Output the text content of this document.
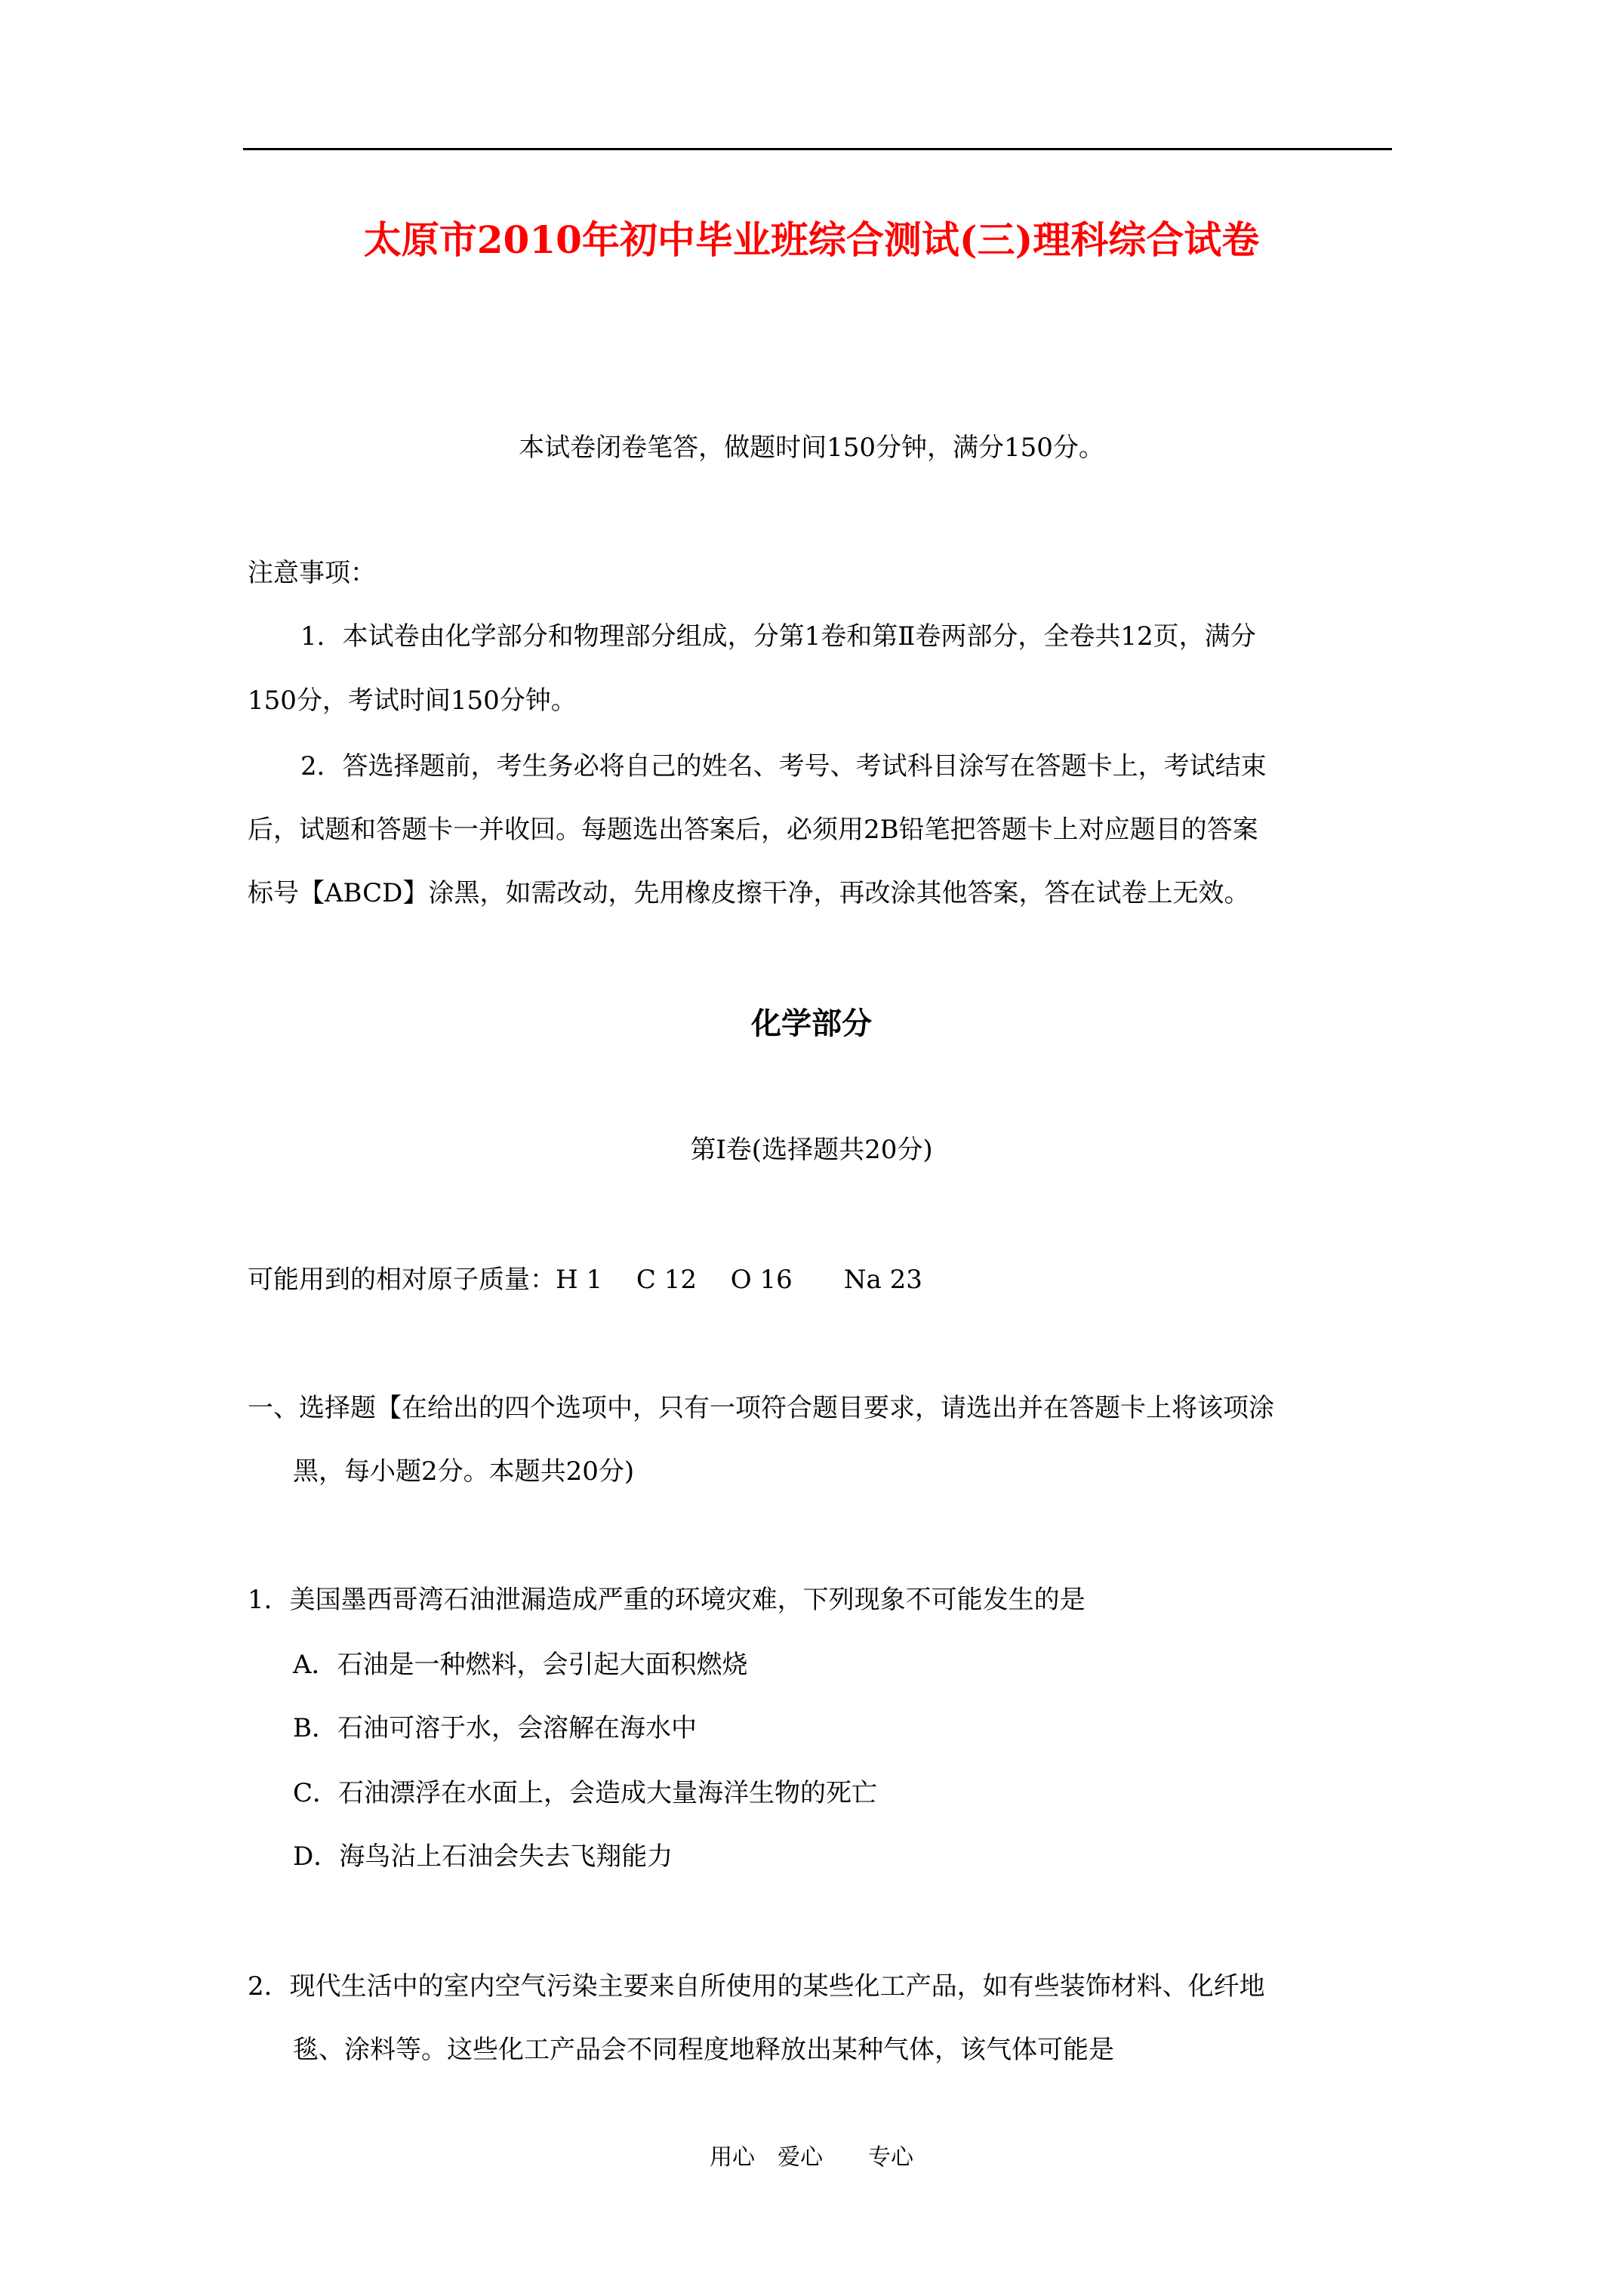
太原市2010年初中毕业班综合测试(三)理科综合试卷
本试卷闭卷笔答，做题时间150分钟，满分150分。
注意事项：
1．本试卷由化学部分和物理部分组成，分第1卷和第Ⅱ卷两部分，全卷共12页，满分
150分，考试时间150分钟。
2．答选择题前，考生务必将自己的姓名、考号、考试科目涂写在答题卡上，考试结束
后，试题和答题卡一并收回。每题选出答案后，必须用2B铅笔把答题卡上对应题目的答案
标号【ABCD】涂黑，如需改动，先用橡皮擦干净，再改涂其他答案，答在试卷上无效。
化学部分
第Ⅰ卷(选择题共20分)
可能用到的相对原子质量：H 1　 C 12　 O 16　　Na 23
一、选择题【在给出的四个选项中，只有一项符合题目要求，请选出并在答题卡上将该项涂
黑，每小题2分。本题共20分)
1．美国墨西哥湾石油泄漏造成严重的环境灾难，下列现象不可能发生的是
A．石油是一种燃料，会引起大面积燃烧
B．石油可溶于水，会溶解在海水中
C．石油漂浮在水面上，会造成大量海洋生物的死亡
D．海鸟沾上石油会失去飞翔能力
2．现代生活中的室内空气污染主要来自所使用的某些化工产品，如有些装饰材料、化纤地
毯、涂料等。这些化工产品会不同程度地释放出某种气体，该气体可能是
用心　爱心　　专心
